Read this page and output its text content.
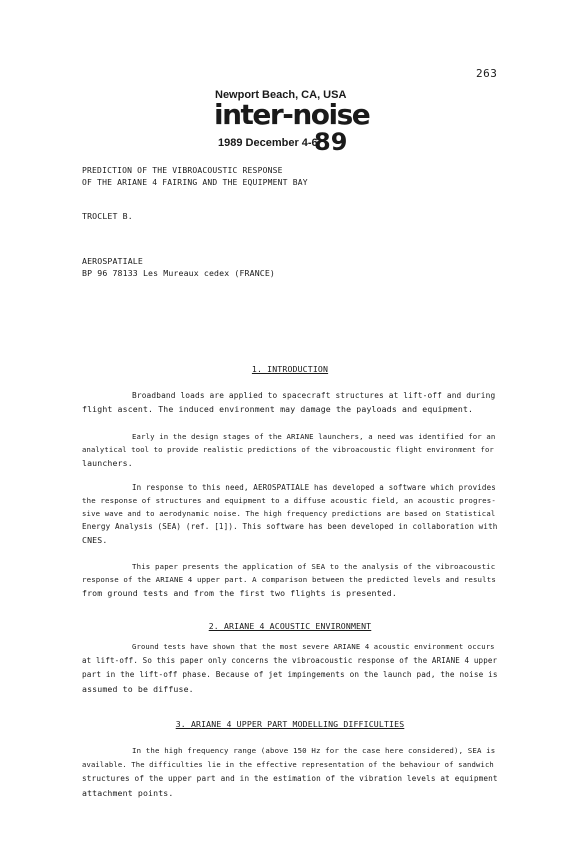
263
Newport Beach, CA, USA
inter-noise
1989 December 4-6
89
PREDICTION OF THE VIBROACOUSTIC RESPONSE
OF THE ARIANE 4 FAIRING AND THE EQUIPMENT BAY
TROCLET B.
AEROSPATIALE
BP 96 78133 Les Mureaux cedex (FRANCE)
1. INTRODUCTION
Broadband loads are applied to spacecraft structures at lift-off and during
flight ascent. The induced environment may damage the payloads and equipment.
Early in the design stages of the ARIANE launchers, a need was identified for an
analytical tool to provide realistic predictions of the vibroacoustic flight environment for
launchers.
In response to this need, AEROSPATIALE has developed a software which provides
the response of structures and equipment to a diffuse acoustic field, an acoustic progres-
sive wave and to aerodynamic noise. The high frequency predictions are based on Statistical
Energy Analysis (SEA) (ref. [1]). This software has been developed in collaboration with
CNES.
This paper presents the application of SEA to the analysis of the vibroacoustic
response of the ARIANE 4 upper part. A comparison between the predicted levels and results
from ground tests and from the first two flights is presented.
2. ARIANE 4 ACOUSTIC ENVIRONMENT
Ground tests have shown that the most severe ARIANE 4 acoustic environment occurs
at lift-off. So this paper only concerns the vibroacoustic response of the ARIANE 4 upper
part in the lift-off phase. Because of jet impingements on the launch pad, the noise is
assumed to be diffuse.
3. ARIANE 4 UPPER PART MODELLING DIFFICULTIES
In the high frequency range (above 150 Hz for the case here considered), SEA is
available. The difficulties lie in the effective representation of the behaviour of sandwich
structures of the upper part and in the estimation of the vibration levels at equipment
attachment points.
